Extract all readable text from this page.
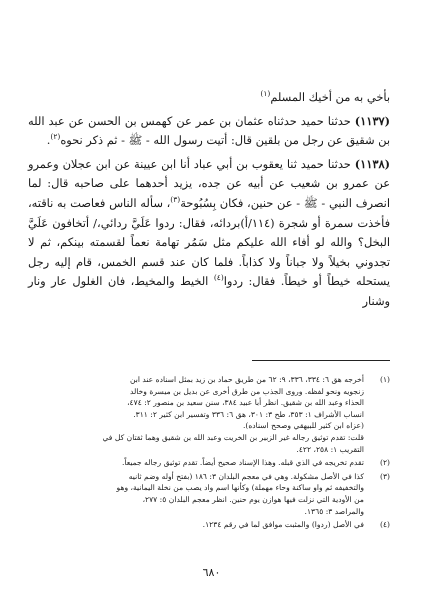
بأخي به من أخيك المسلم$^{(١)}$

(١١٣٧) حدثنا حميد حدثناه عثمان بن عمر عن كهمس بن الحسن عن عبد الله بن شقيق عن رجل من بلقين قال: أتيت رسول الله - ﷺ - ثم ذكر نحوه$^{(٢)}$.

(١١٣٨) حدثنا حميد ثنا يعقوب بن أبي عباد أنا ابن عيينة عن ابن عجلان وعمرو عن عمرو بن شعيب عن أبيه عن جده، يزيد أحدهما على صاحبه قال: لما انصرف النبي - ﷺ - عن حنين، فكان بِسُبُوحة$^{(٣)}$، سأله الناس فعاصت به ناقته، فأخذت سمرة أو شجرة (١١٤/أ)بردائه، فقال: ردوا عَلَيَّ ردائي،/ أتخافون عَلَيَّ البخل؟ والله لو أفاء الله عليكم مثل سَمُر تهامة نعماً لقسمته بينكم، ثم لا تجدوني بخيلاً ولا جباناً ولا كذاباً. فلما كان عند قسم الخمس، قام إليه رجل يستحله خيطاً أو خيطاً. فقال: ردوا$^{(٤)}$ الخيط والمخيط، فان الغلول عار ونار وشنار

(١)
أخرجه هق ٦: ٣٣٤، ٣٣٦، ٩: ٦٢ من طريق حماد بن زيد بمثل اسناده عند ابن
زنجويه ونحو لفظه. وروى الجذب من طرق أخرى عن بديل بن ميسرة وخالد
الحذاء وعبد الله بن شقيق. انظر أبا عبيد ٣٨٤، سنن سعيد بن منصور ٢: ٤٧٤،
انساب الأشراف ١: ٣٥٣، طح ٣: ٣٠١، هق ٦: ٣٣٦ وتفسير ابن كثير ٢: ٣١١.
(عزاه ابن كثير للبيهقي وصحح اسناده).
قلت: تقدم توثيق رجاله غير الزبير بن الخريت وعبد الله بن شقيق وهما ثقتان كل في
التقريب ١: ٢٥٨، ٤٢٢.
(٢)
تقدم تخريجه في الذي قبله. وهذا الإسناد صحيح أيضاً. تقدم توثيق رجاله جميعاً.
(٣)
كذا في الأصل مشكولة. وهي في معجم البلدان ٣: ١٨٦ (بفتح أوله وضم ثانيه
والتخفيفه ثم واو ساكنة وحاء مهملة) وكأنها اسم واد يصب من نخلة اليمانية، وهو
من الأودية التي نزلت فيها هوازن يوم حنين. انظر معجم البلدان ٥: ٢٧٧،
والمراصد ٣: ١٣٦٥.
(٤)
في الأصل (ردوا) والمثبت موافق لما في رقم ١٢٣٤.
٦٨٠
